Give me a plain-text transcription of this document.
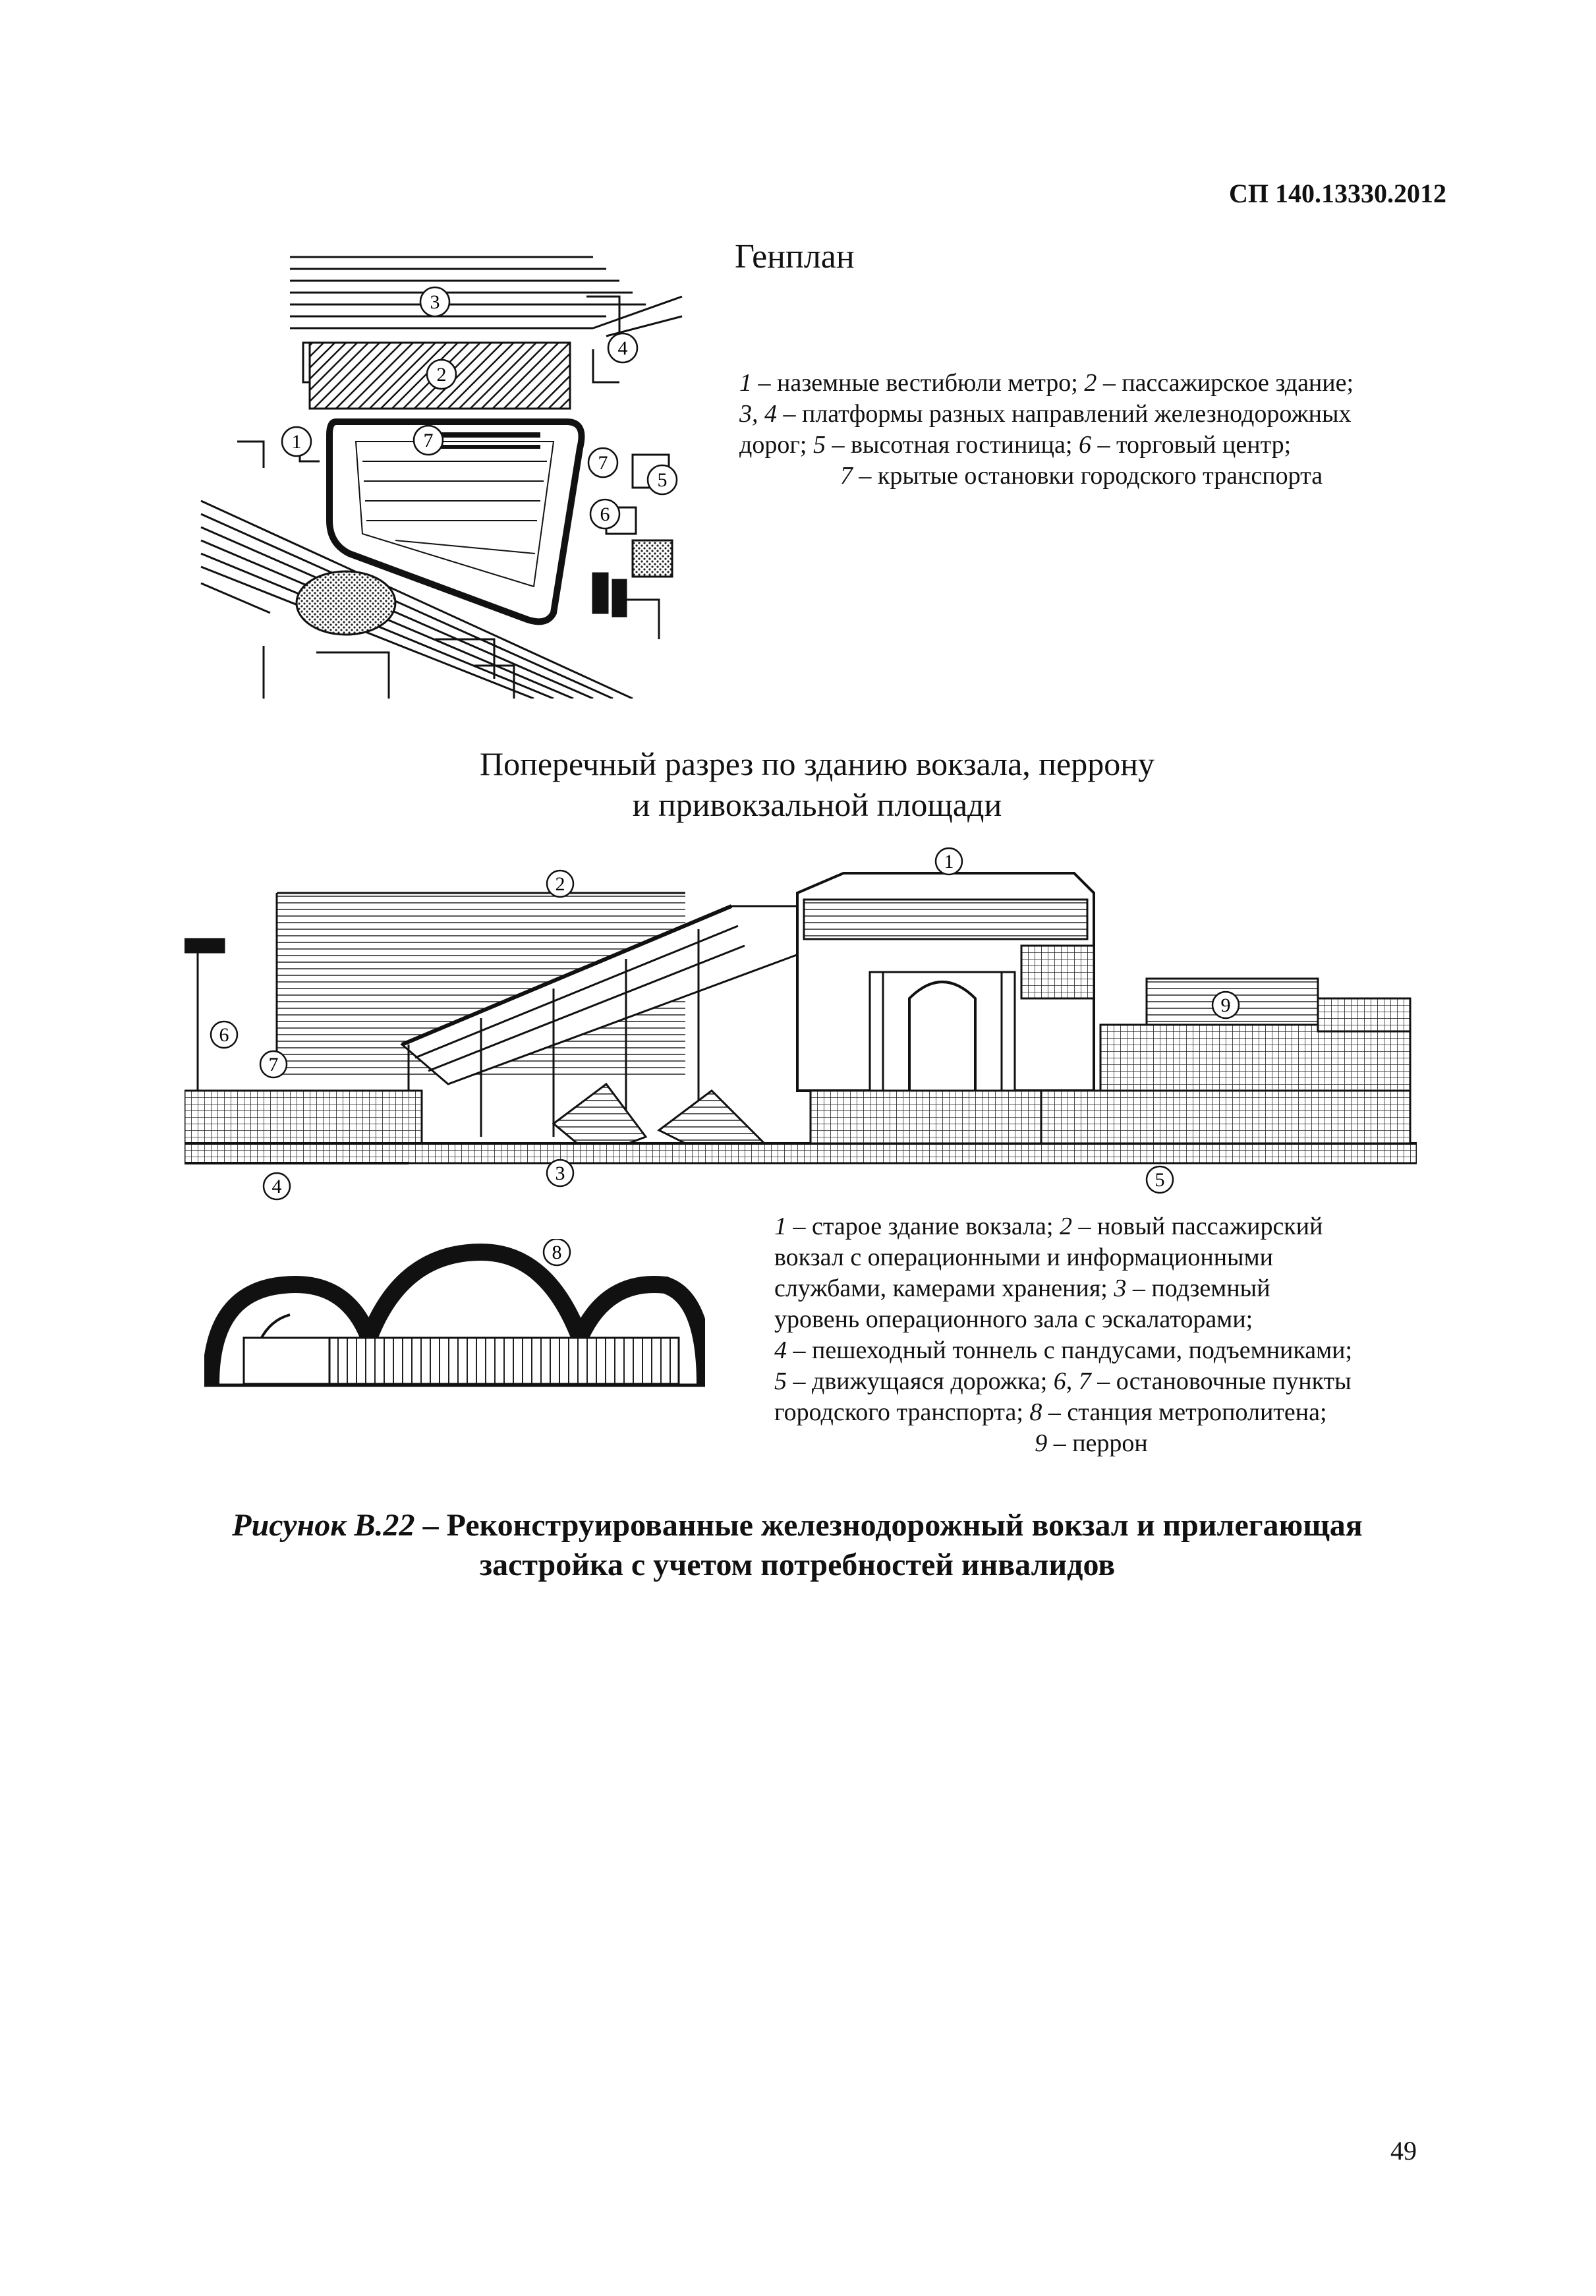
СП 140.13330.2012
3
2
4
1	7
7
5
6
Генплан
1 – наземные вестибюли метро; 2 – пассажирское здание;
3, 4 – платформы разных направлений железнодорожных
дорог; 5 – высотная гостиница; 6 – торговый центр;
7 – крытые остановки городского транспорта
Поперечный разрез по зданию вокзала, перрону
и привокзальной площади
1
2
9
6
7
4
3	5
8
1 – старое здание вокзала; 2 – новый пассажирский
вокзал с операционными и информационными
службами, камерами хранения; 3 – подземный
уровень операционного зала с эскалаторами;
4 – пешеходный тоннель с пандусами, подъемниками;
5 – движущаяся дорожка; 6, 7 – остановочные пункты
городского транспорта; 8 – станция метрополитена;
9 – перрон
Рисунок В.22 – Реконструированные железнодорожный вокзал и прилегающая
застройка с учетом потребностей инвалидов
49
